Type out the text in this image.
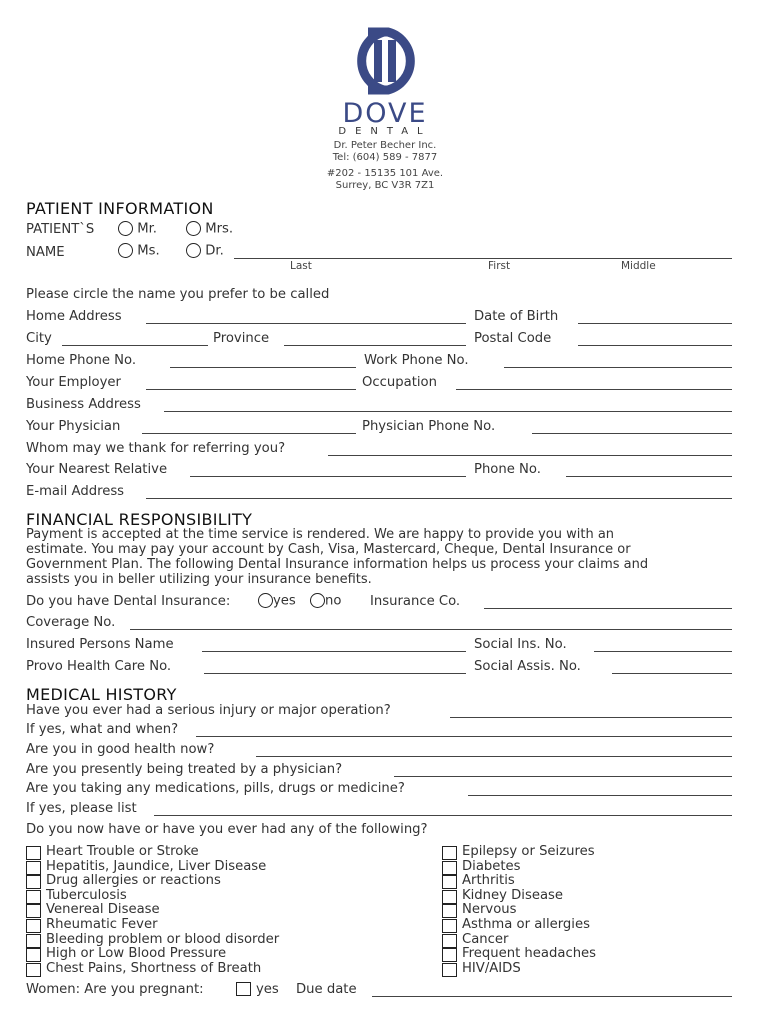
DOVE
DENTAL
Dr. Peter Becher Inc.
Tel: (604) 589 - 7877
#202 - 15135 101 Ave.
Surrey, BC V3R 7Z1
PATIENT INFORMATION
PATIENT`S
NAME
Mr.	Mrs.
Ms.	Dr.
Last	First	Middle
Please circle the name you prefer to be called
Home Address	Date of Birth
City	Province	Postal Code
Home Phone No.	Work Phone No.
Your Employer	Occupation
Business Address
Your Physician	Physician Phone No.
Whom may we thank for referring you?
Your Nearest Relative	Phone No.
E-mail Address
FINANCIAL RESPONSIBILITY
Payment is accepted at the time service is rendered. We are happy to provide you with an
estimate. You may pay your account by Cash, Visa, Mastercard, Cheque, Dental Insurance or
Government Plan. The following Dental Insurance information helps us process your claims and
assists you in beller utilizing your insurance benefits.
Do you have Dental Insurance:	yes	no Insurance Co.
Coverage No.
Insured Persons Name	Social Ins. No.
Provo Health Care No.	Social Assis. No.
MEDICAL HISTORY
Have you ever had a serious injury or major operation?
If yes, what and when?
Are you in good health now?
Are you presently being treated by a physician?
Are you taking any medications, pills, drugs or medicine?
If yes, please list
Do you now have or have you ever had any of the following?
Heart Trouble or Stroke
Hepatitis, Jaundice, Liver Disease
Drug allergies or reactions
Tuberculosis
Venereal Disease
Rheumatic Fever
Bleeding problem or blood disorder
High or Low Blood Pressure
Chest Pains, Shortness of Breath
Epilepsy or Seizures
Diabetes
Arthritis
Kidney Disease
Nervous
Asthma or allergies
Cancer
Frequent headaches
HIV/AIDS
Women: Are you pregnant:	yes Due date
